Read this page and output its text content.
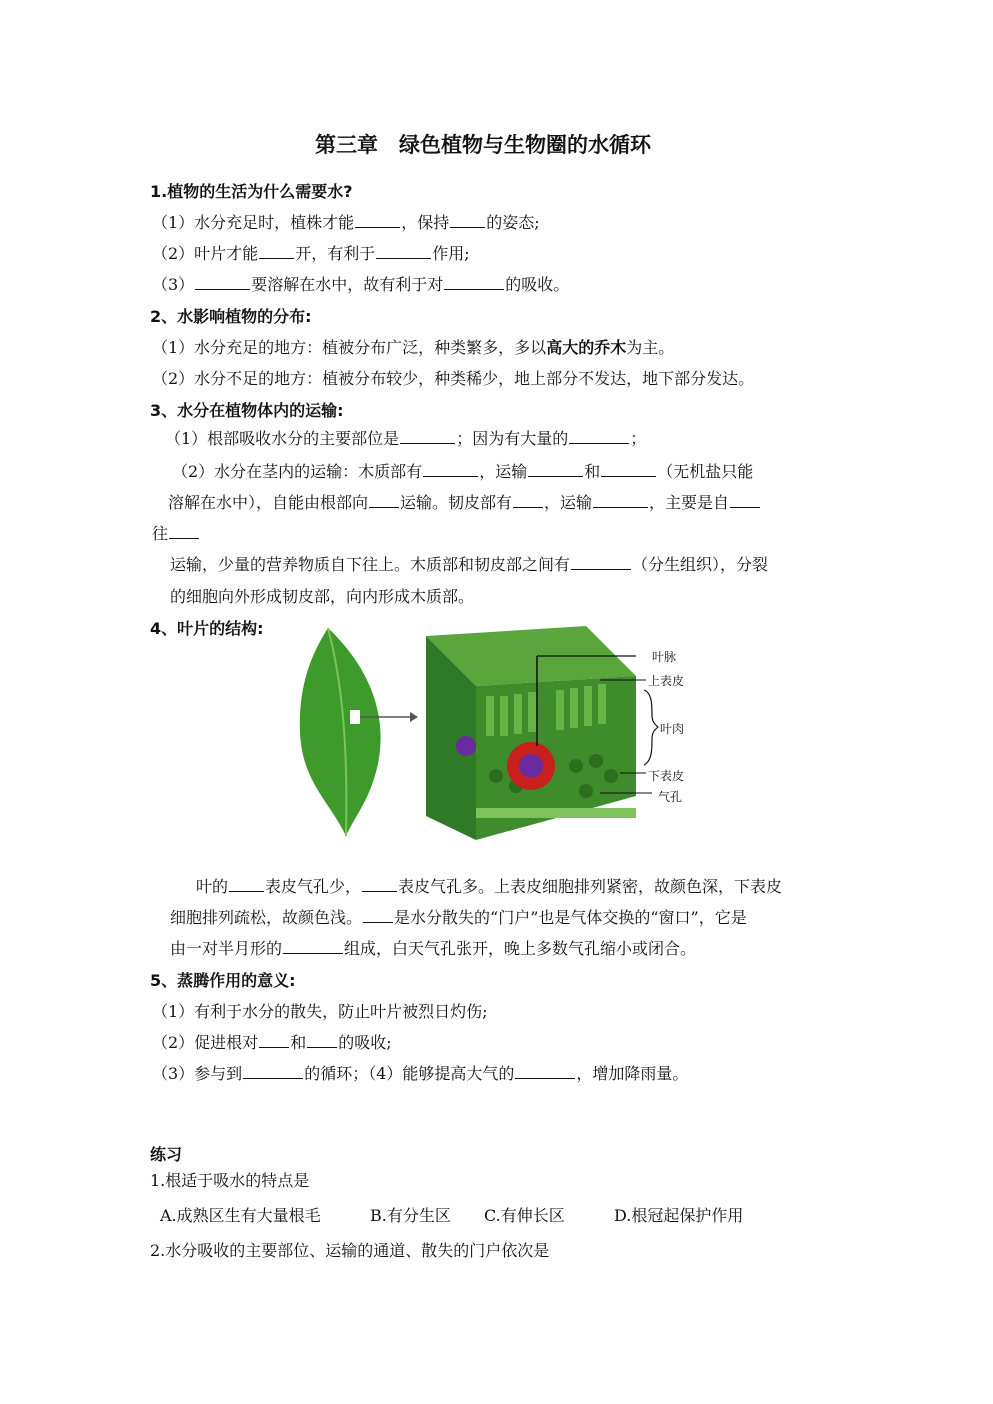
第三章　绿色植物与生物圈的水循环
1.植物的生活为什么需要水?
（1）水分充足时，植株才能	，保持 的姿态;
（2）叶片才能 开，有利于	作用;
（3）	要溶解在水中，故有利于对	的吸收。
2、水影响植物的分布:
（1）水分充足的地方：植被分布广泛，种类繁多，多以高大的乔木为主。
（2）水分不足的地方：植被分布较少，种类稀少，地上部分不发达，地下部分发达。
3、水分在植物体内的运输:
（1）根部吸收水分的主要部位是	；因为有大量的	；
（2）水分在茎内的运输：木质部有	，运输	和	（无机盐只能
溶解在水中），自能由根部向 运输。韧皮部有 ，运输	，主要是自
往
运输，少量的营养物质自下往上。木质部和韧皮部之间有	（分生组织），分裂
的细胞向外形成韧皮部，向内形成木质部。
4、叶片的结构:
叶脉
上表皮
叶肉
下表皮
气孔
叶的 表皮气孔少， 表皮气孔多。上表皮细胞排列紧密，故颜色深，下表皮
细胞排列疏松，故颜色浅。 是水分散失的“门户”也是气体交换的“窗口”，它是
由一对半月形的	组成，白天气孔张开，晚上多数气孔缩小或闭合。
5、蒸腾作用的意义:
（1）有利于水分的散失，防止叶片被烈日灼伤;
（2）促进根对 和 的吸收;
（3）参与到	的循环；（4）能够提高大气的	，增加降雨量。
练习
1.根适于吸水的特点是
A.成熟区生有大量根毛	B.有分生区 C.有伸长区	D.根冠起保护作用
2.水分吸收的主要部位、运输的通道、散失的门户依次是
